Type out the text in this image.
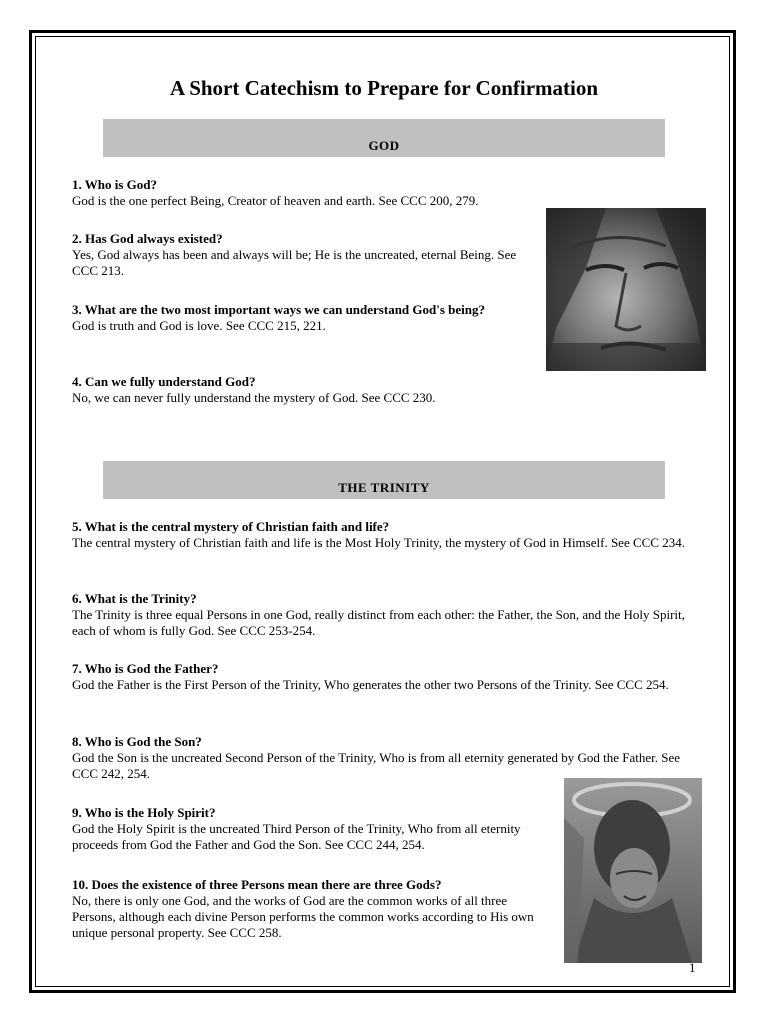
A Short Catechism to Prepare for Confirmation
GOD
1. Who is God?
God is the one perfect Being, Creator of heaven and earth. See CCC 200, 279.
2. Has God always existed?
Yes, God always has been and always will be; He is the uncreated, eternal Being. See CCC 213.
3. What are the two most important ways we can understand God's being?
God is truth and God is love. See CCC 215, 221.
4. Can we fully understand God?
No, we can never fully understand the mystery of God. See CCC 230.
THE TRINITY
5. What is the central mystery of Christian faith and life?
The central mystery of Christian faith and life is the Most Holy Trinity, the mystery of God in Himself. See CCC 234.
6. What is the Trinity?
The Trinity is three equal Persons in one God, really distinct from each other: the Father, the Son, and the Holy Spirit, each of whom is fully God. See CCC 253-254.
7. Who is God the Father?
God the Father is the First Person of the Trinity, Who generates the other two Persons of the Trinity. See CCC 254.
8. Who is God the Son?
God the Son is the uncreated Second Person of the Trinity, Who is from all eternity generated by God the Father. See CCC 242, 254.
9. Who is the Holy Spirit?
God the Holy Spirit is the uncreated Third Person of the Trinity, Who from all eternity proceeds from God the Father and God the Son. See CCC 244, 254.
10. Does the existence of three Persons mean there are three Gods?
No, there is only one God, and the works of God are the common works of all three    Persons, although each divine Person performs the common works according to His own unique personal property. See CCC 258.
1
